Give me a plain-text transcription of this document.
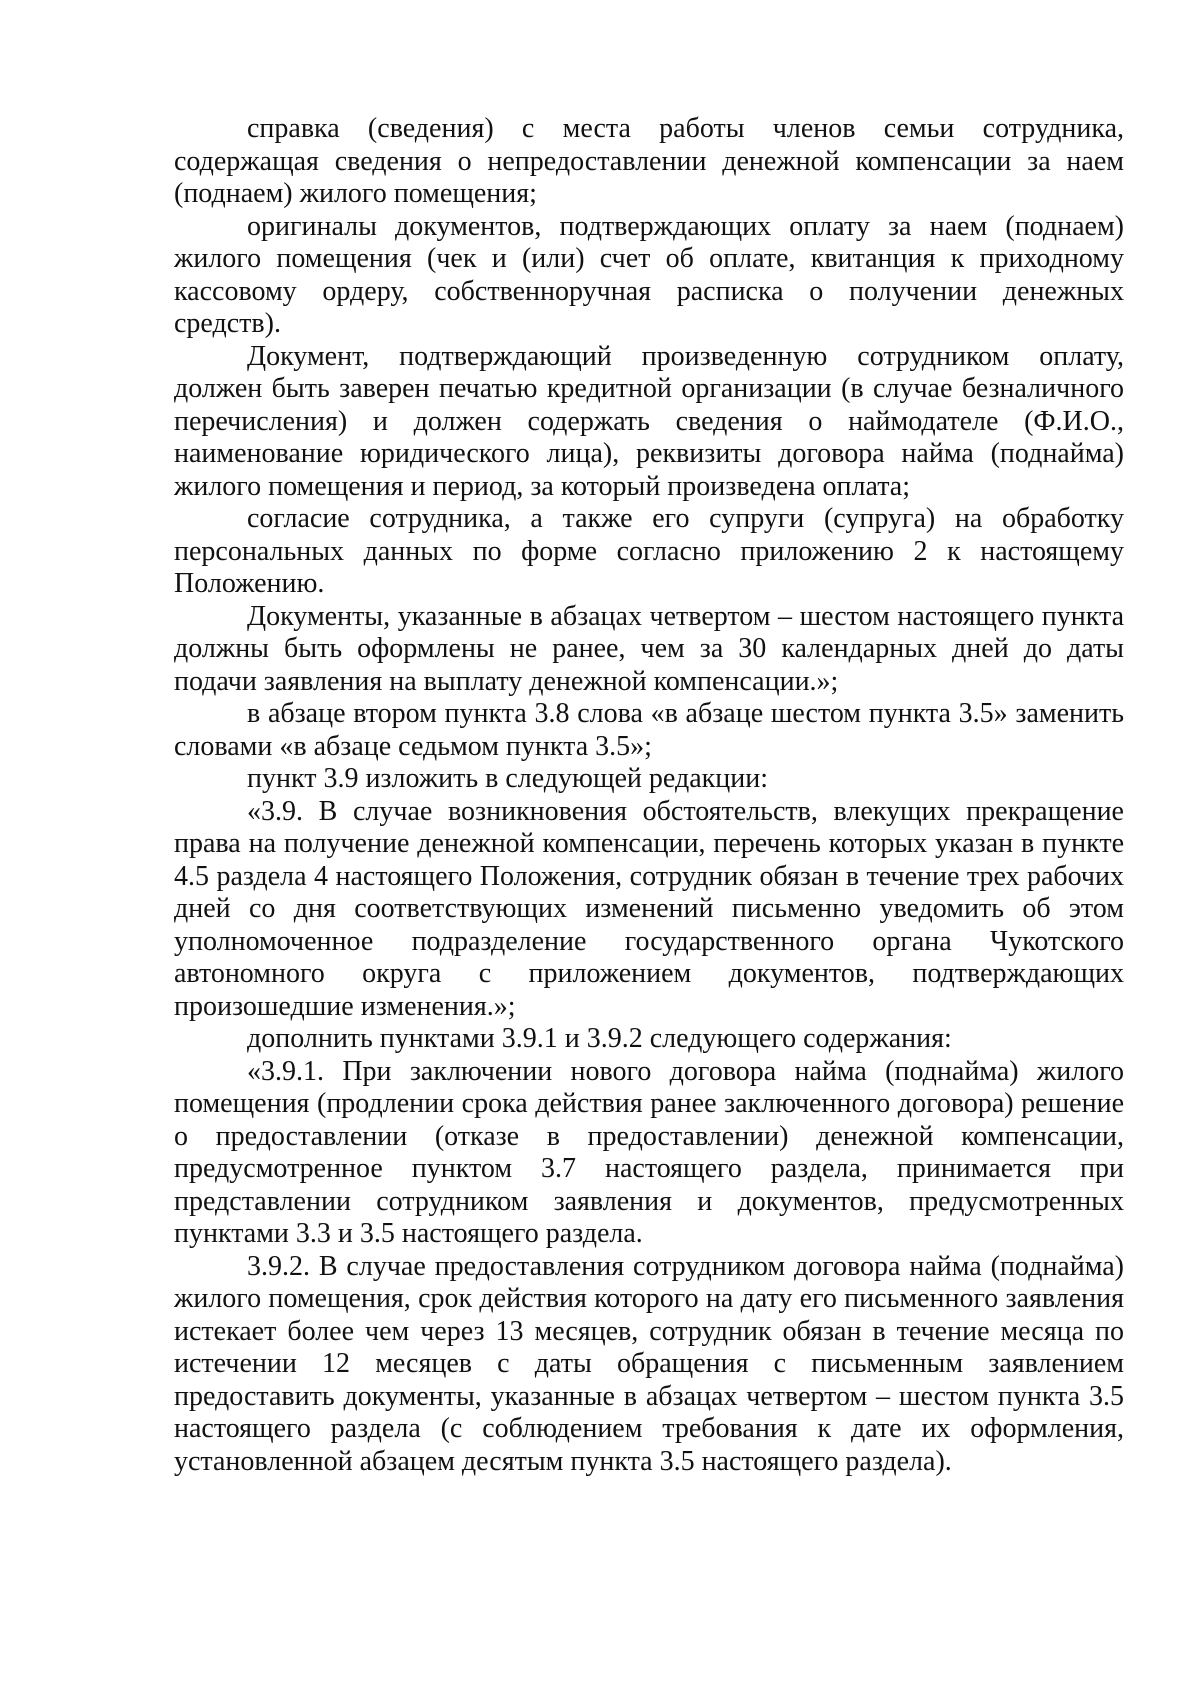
справка (сведения) с места работы членов семьи сотрудника, содержащая сведения о непредоставлении денежной компенсации за наем (поднаем) жилого помещения;

оригиналы документов, подтверждающих оплату за наем (поднаем) жилого помещения (чек и (или) счет об оплате, квитанция к приходному кассовому ордеру, собственноручная расписка о получении денежных средств).

Документ, подтверждающий произведенную сотрудником оплату, должен быть заверен печатью кредитной организации (в случае безналичного перечисления) и должен содержать сведения о наймодателе (Ф.И.О., наименование юридического лица), реквизиты договора найма (поднайма) жилого помещения и период, за который произведена оплата;

согласие сотрудника, а также его супруги (супруга) на обработку персональных данных по форме согласно приложению 2 к настоящему Положению.

Документы, указанные в абзацах четвертом – шестом настоящего пункта должны быть оформлены не ранее, чем за 30 календарных дней до даты подачи заявления на выплату денежной компенсации.»;

в абзаце втором пункта 3.8 слова «в абзаце шестом пункта 3.5» заменить словами «в абзаце седьмом пункта 3.5»;

пункт 3.9 изложить в следующей редакции:

«3.9. В случае возникновения обстоятельств, влекущих прекращение права на получение денежной компенсации, перечень которых указан в пункте 4.5 раздела 4 настоящего Положения, сотрудник обязан в течение трех рабочих дней со дня соответствующих изменений письменно уведомить об этом уполномоченное подразделение государственного органа Чукотского автономного округа с приложением документов, подтверждающих произошедшие изменения.»;

дополнить пунктами 3.9.1 и 3.9.2 следующего содержания:

«3.9.1. При заключении нового договора найма (поднайма) жилого помещения (продлении срока действия ранее заключенного договора) решение о предоставлении (отказе в предоставлении) денежной компенсации, предусмотренное пунктом 3.7 настоящего раздела, принимается при представлении сотрудником заявления и документов, предусмотренных пунктами 3.3 и 3.5 настоящего раздела.

3.9.2. В случае предоставления сотрудником договора найма (поднайма) жилого помещения, срок действия которого на дату его письменного заявления истекает более чем через 13 месяцев, сотрудник обязан в течение месяца по истечении 12 месяцев с даты обращения с письменным заявлением предоставить документы, указанные в абзацах четвертом – шестом пункта 3.5 настоящего раздела (с соблюдением требования к дате их оформления, установленной абзацем десятым пункта 3.5 настоящего раздела).
